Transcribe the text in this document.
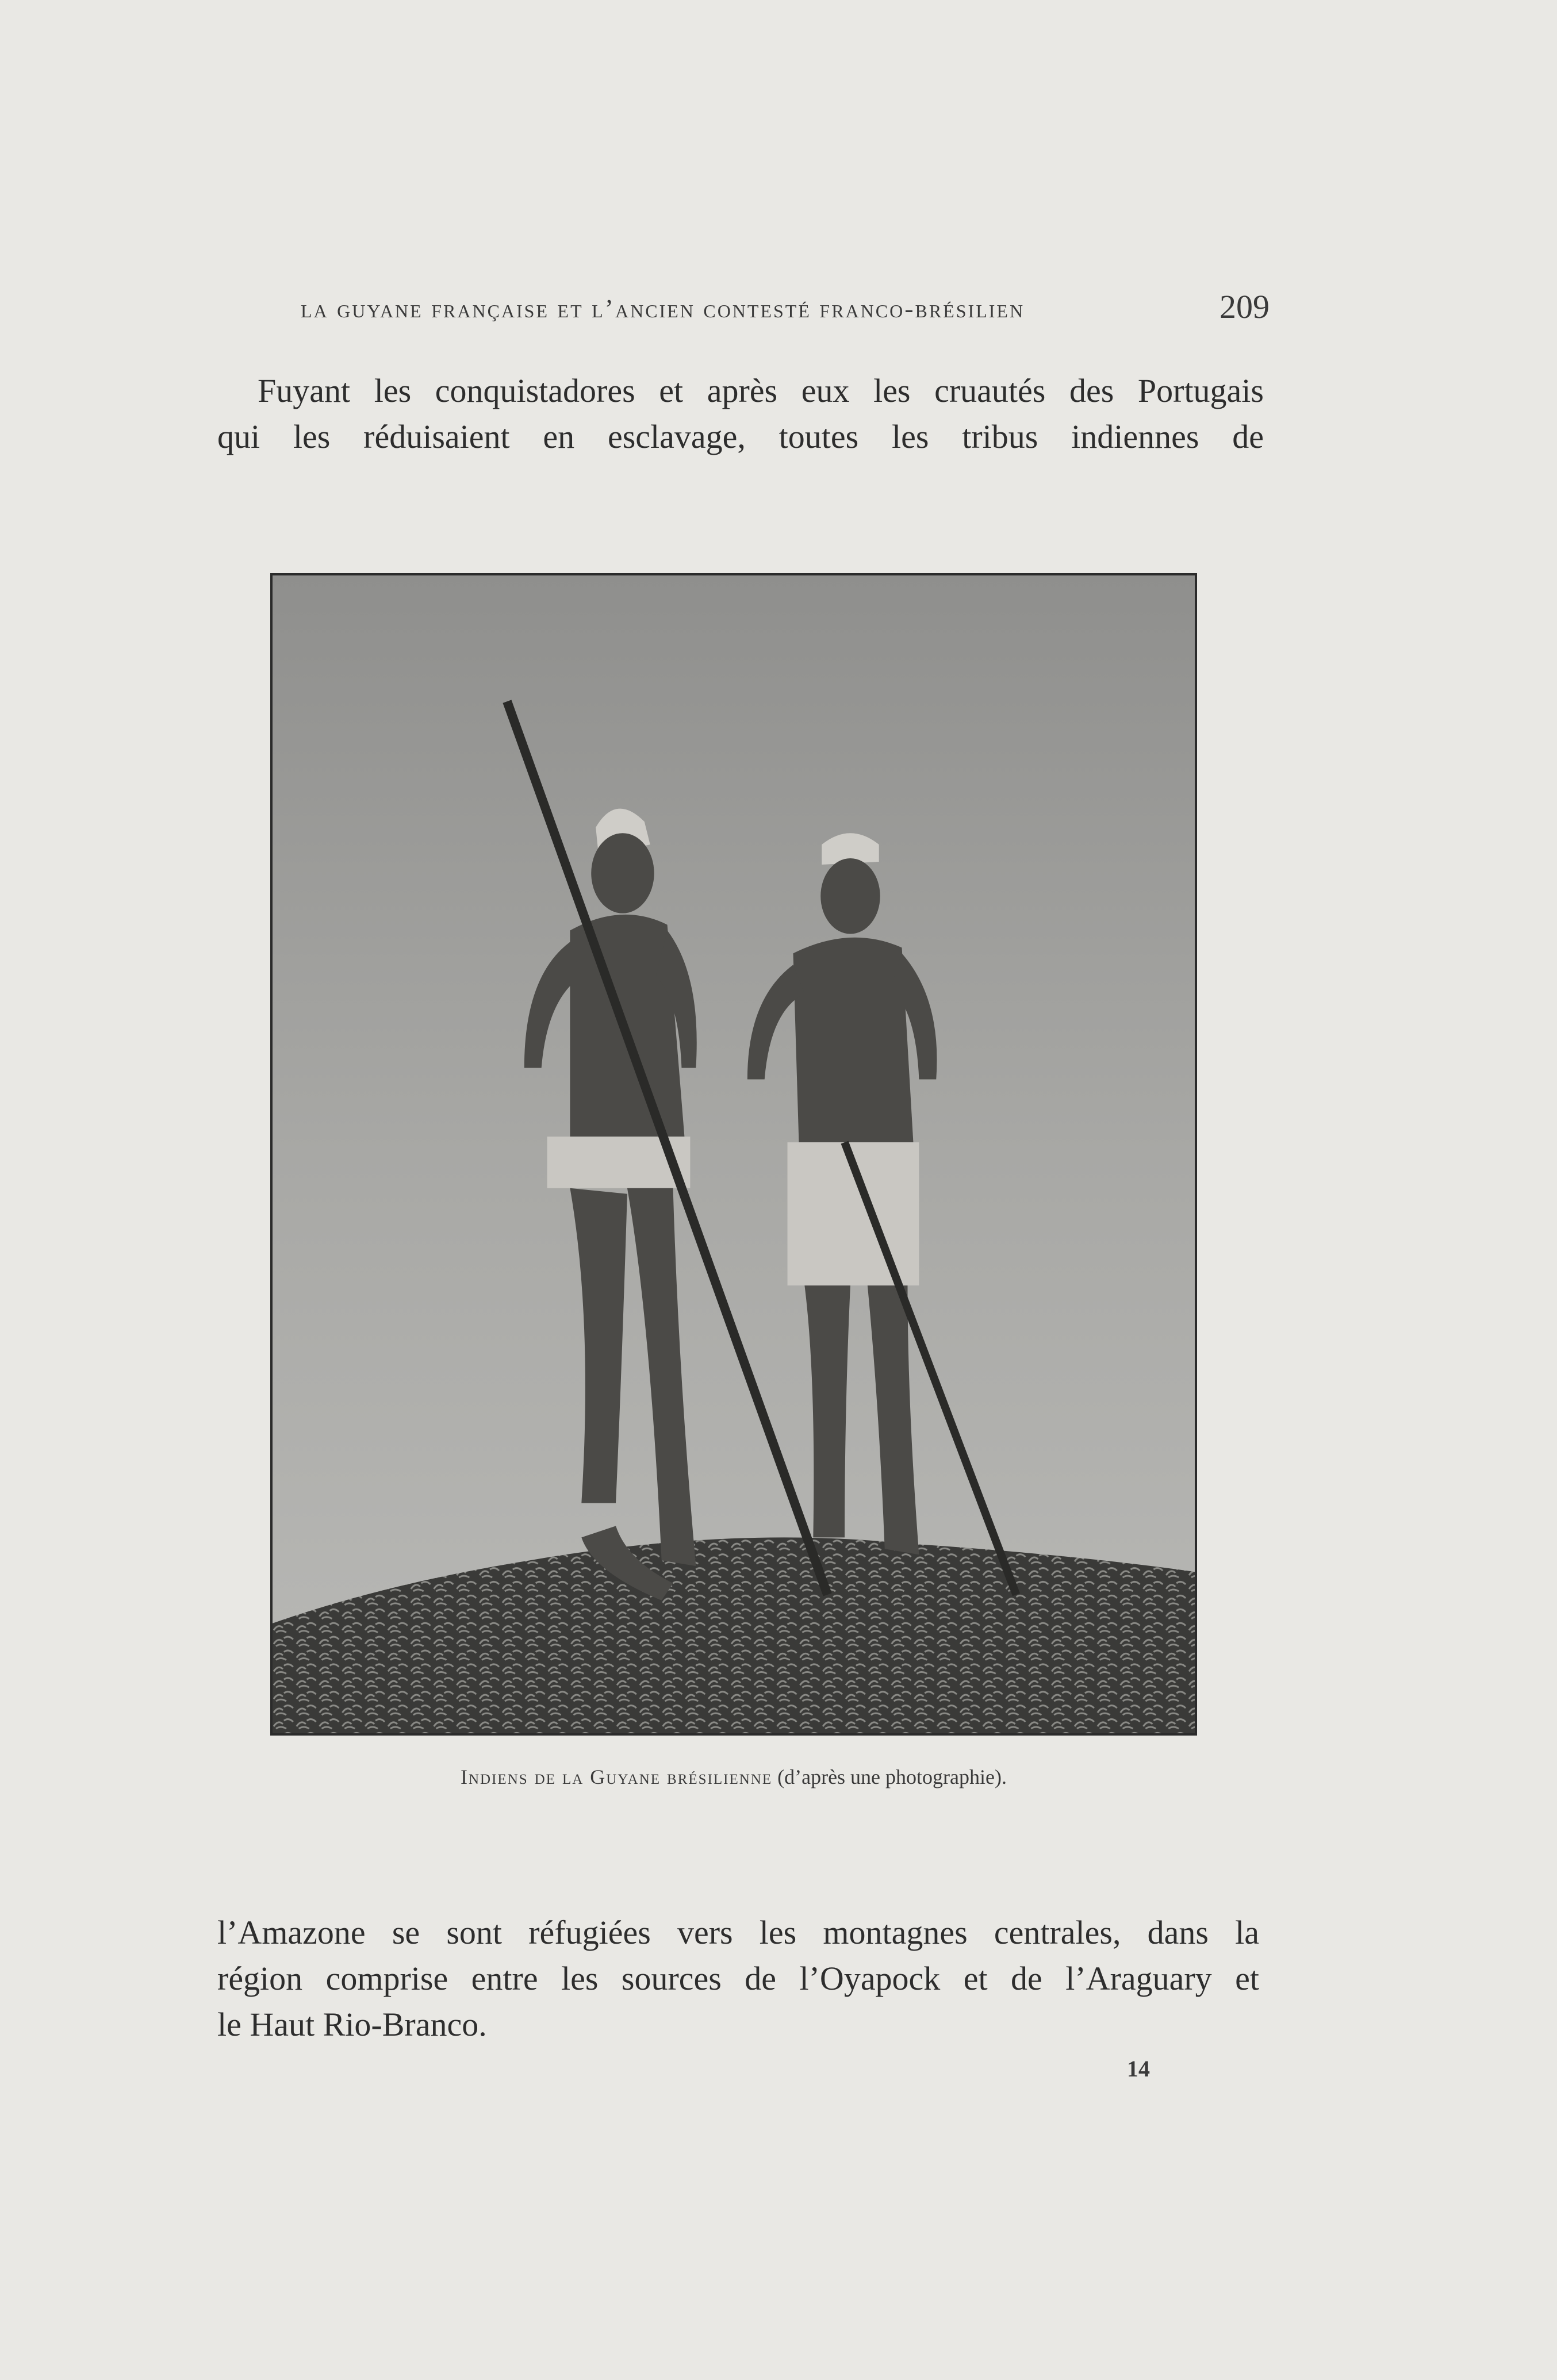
la guyane française et l’ancien contesté franco-brésilien	209
Fuyant les conquistadores et après eux les cruautés des Portugais
qui les réduisaient en esclavage, toutes les tribus indiennes de
Indiens de la Guyane brésilienne (d’après une photographie).
l’Amazone se sont réfugiées vers les montagnes centrales, dans la
région comprise entre les sources de l’Oyapock et de l’Araguary et
le Haut Rio-Branco.
14
